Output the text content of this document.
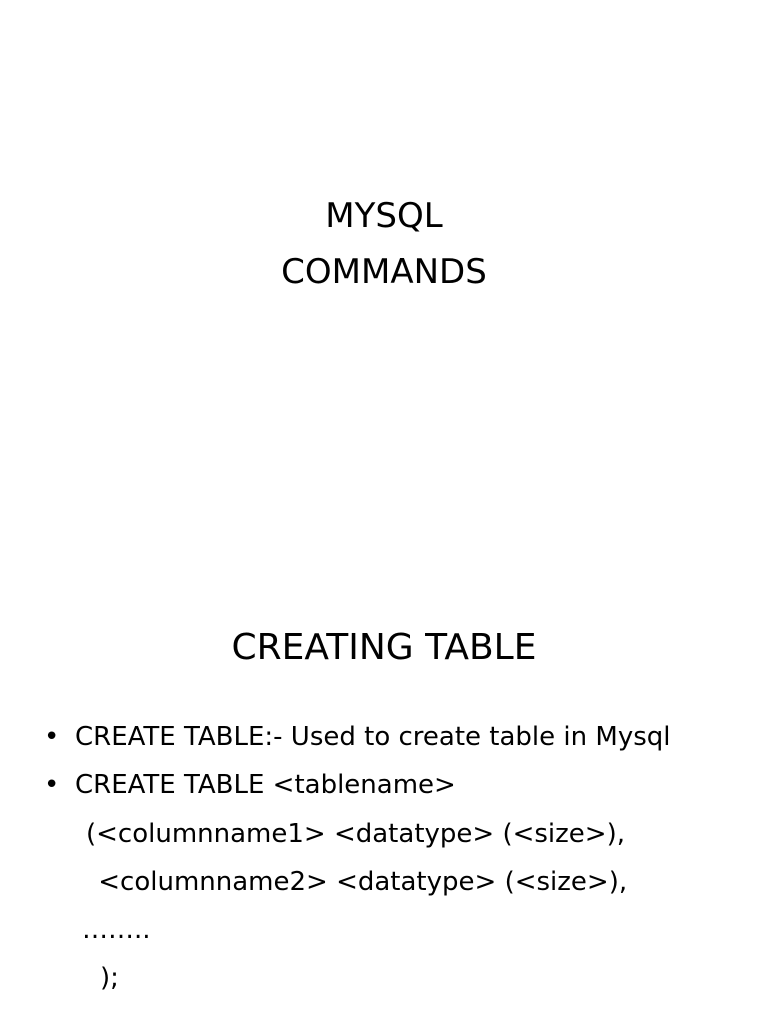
MYSQL
COMMANDS
CREATING TABLE
• CREATE TABLE:- Used to create table in Mysql
• CREATE TABLE <tablename>
(<columnname1> <datatype> (<size>),
<columnname2> <datatype> (<size>),
……..
);
